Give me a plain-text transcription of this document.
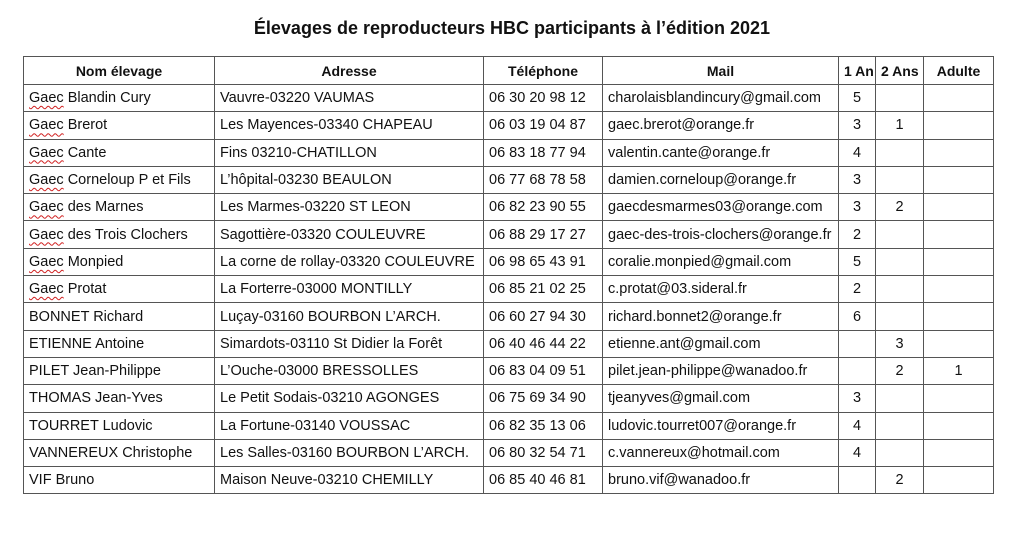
Élevages de reproducteurs HBC participants à l’édition 2021
Nom élevage	Adresse	Téléphone	Mail	1 An	2 Ans	Adulte
Gaec Blandin Cury	Vauvre-03220 VAUMAS	06 30 20 98 12	charolaisblandincury@gmail.com	5		
Gaec Brerot	Les Mayences-03340 CHAPEAU	06 03 19 04 87	gaec.brerot@orange.fr	3	1	
Gaec Cante	Fins 03210-CHATILLON	06 83 18 77 94	valentin.cante@orange.fr	4		
Gaec Corneloup P et Fils	L’hôpital-03230 BEAULON	06 77 68 78 58	damien.corneloup@orange.fr	3		
Gaec des Marnes	Les Marmes-03220 ST LEON	06 82 23 90 55	gaecdesmarmes03@orange.com	3	2	
Gaec des Trois Clochers	Sagottière-03320 COULEUVRE	06 88 29 17 27	gaec-des-trois-clochers@orange.fr	2		
Gaec Monpied	La corne de rollay-03320 COULEUVRE	06 98 65 43 91	coralie.monpied@gmail.com	5		
Gaec Protat	La Forterre-03000 MONTILLY	06 85 21 02 25	c.protat@03.sideral.fr	2		
BONNET Richard	Luçay-03160 BOURBON L’ARCH.	06 60 27 94 30	richard.bonnet2@orange.fr	6		
ETIENNE Antoine	Simardots-03110 St Didier la Forêt	06 40 46 44 22	etienne.ant@gmail.com		3	
PILET Jean-Philippe	L’Ouche-03000 BRESSOLLES	06 83 04 09 51	pilet.jean-philippe@wanadoo.fr		2	1
THOMAS Jean-Yves	Le Petit Sodais-03210 AGONGES	06 75 69 34 90	tjeanyves@gmail.com	3		
TOURRET Ludovic	La Fortune-03140 VOUSSAC	06 82 35 13 06	ludovic.tourret007@orange.fr	4		
VANNEREUX Christophe	Les Salles-03160 BOURBON L’ARCH.	06 80 32 54 71	c.vannereux@hotmail.com	4		
VIF Bruno	Maison Neuve-03210 CHEMILLY	06 85 40 46 81	bruno.vif@wanadoo.fr		2	
